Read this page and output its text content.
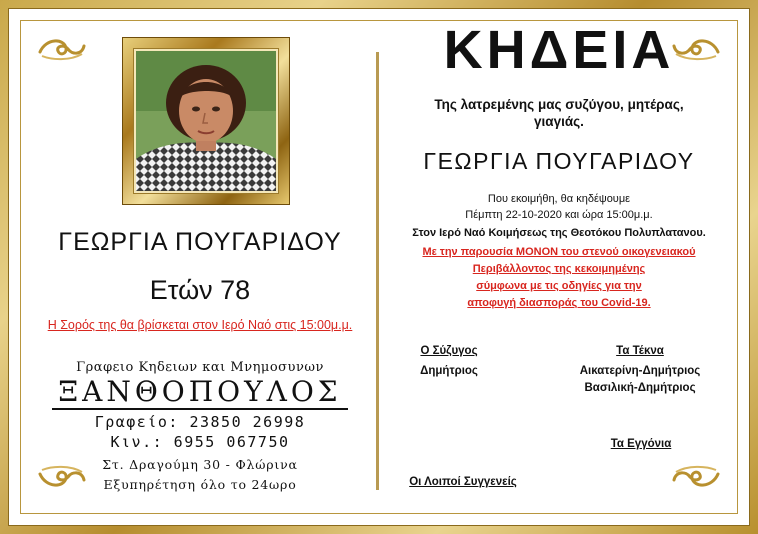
ΓΕΩΡΓΙΑ ΠΟΥΓΑΡΙΔΟΥ
Ετών 78
Η Σορός της θα βρίσκεται στον Ιερό Ναό στις 15:00μ.μ.
Γραφειο Κηδειων και Μνημοσυνων
ΞΑΝΘΟΠΟΥΛΟΣ
Γραφείο: 23850 26998
Κιν.: 6955 067750
Στ. Δραγούμη 30 - Φλώρινα
Εξυπηρέτηση όλο το 24ωρο
ΚΗΔΕΙΑ
Της λατρεμένης μας συζύγου, μητέρας,
γιαγιάς.
ΓΕΩΡΓΙΑ ΠΟΥΓΑΡΙΔΟΥ
Που εκοιμήθη, θα κηδέψουμε
Πέμπτη 22-10-2020 και ώρα 15:00μ.μ.
Στον Ιερό Ναό Κοιμήσεως της Θεοτόκου Πολυπλατανου.
Με την παρουσία ΜΟΝΟΝ του στενού οικογενειακού
Περιβάλλοντος της κεκοιμημένης
σύμφωνα με τις οδηγίες για την
αποφυγή διασποράς του Covid-19.
Ο Σύζυγος
Δημήτριος
Τα Τέκνα
Αικατερίνη-Δημήτριος
Βασιλική-Δημήτριος
Τα Εγγόνια
Οι Λοιποί Συγγενείς
